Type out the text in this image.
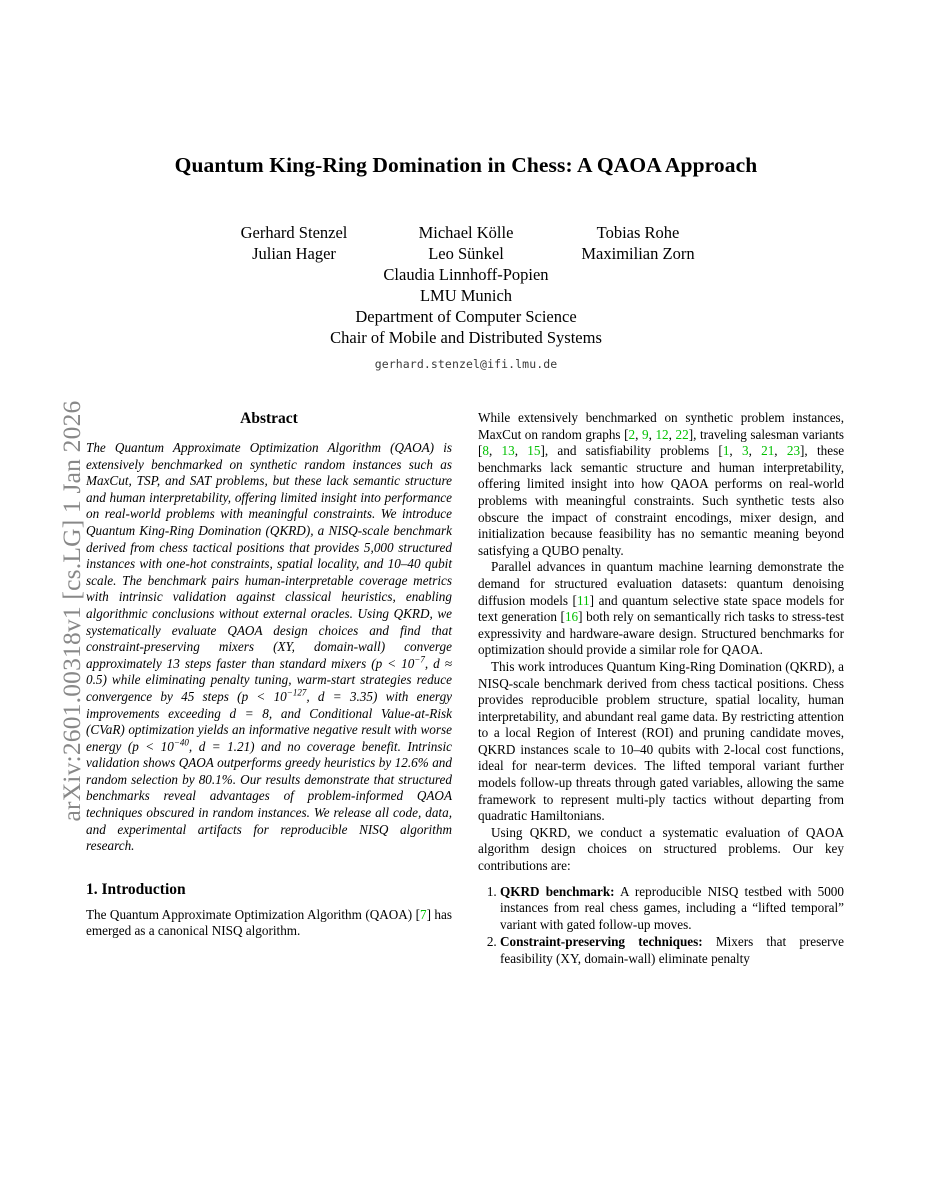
arXiv:2601.00318v1 [cs.LG] 1 Jan 2026
Quantum King-Ring Domination in Chess: A QAOA Approach
Gerhard Stenzel	Michael Kölle	Tobias Rohe
Julian Hager	Leo Sünkel	Maximilian Zorn
Claudia Linnhoff-Popien
LMU Munich
Department of Computer Science
Chair of Mobile and Distributed Systems
gerhard.stenzel@ifi.lmu.de
Abstract

The Quantum Approximate Optimization Algorithm (QAOA) is extensively benchmarked on synthetic random instances such as MaxCut, TSP, and SAT problems, but these lack semantic structure and human interpretability, offering limited insight into performance on real-world problems with meaningful constraints. We introduce Quantum King-Ring Domination (QKRD), a NISQ-scale benchmark derived from chess tactical positions that provides 5,000 structured instances with one-hot constraints, spatial locality, and 10–40 qubit scale. The benchmark pairs human-interpretable coverage metrics with intrinsic validation against classical heuristics, enabling algorithmic conclusions without external oracles. Using QKRD, we systematically evaluate QAOA design choices and find that constraint-preserving mixers (XY, domain-wall) converge approximately 13 steps faster than standard mixers ($p < 10^{-7}$, d ≈ 0.5) while eliminating penalty tuning, warm-start strategies reduce convergence by 45 steps ($p < 10^{-127}$, d = 3.35) with energy improvements exceeding d = 8, and Conditional Value-at-Risk (CVaR) optimization yields an informative negative result with worse energy ($p < 10^{-40}$, d = 1.21) and no coverage benefit. Intrinsic validation shows QAOA outperforms greedy heuristics by 12.6% and random selection by 80.1%. Our results demonstrate that structured benchmarks reveal advantages of problem-informed QAOA techniques obscured in random instances. We release all code, data, and experimental artifacts for reproducible NISQ algorithm research.

1. Introduction

The Quantum Approximate Optimization Algorithm (QAOA) [7] has emerged as a canonical NISQ algorithm.

While extensively benchmarked on synthetic problem instances, MaxCut on random graphs [2, 9, 12, 22], traveling salesman variants [8, 13, 15], and satisfiability problems [1, 3, 21, 23], these benchmarks lack semantic structure and human interpretability, offering limited insight into how QAOA performs on real-world problems with meaningful constraints. Such synthetic tests also obscure the impact of constraint encodings, mixer design, and initialization because feasibility has no semantic meaning beyond satisfying a QUBO penalty.

Parallel advances in quantum machine learning demonstrate the demand for structured evaluation datasets: quantum denoising diffusion models [11] and quantum selective state space models for text generation [16] both rely on semantically rich tasks to stress-test expressivity and hardware-aware design. Structured benchmarks for optimization should provide a similar role for QAOA.

This work introduces Quantum King-Ring Domination (QKRD), a NISQ-scale benchmark derived from chess tactical positions. Chess provides reproducible problem structure, spatial locality, human interpretability, and abundant real game data. By restricting attention to a local Region of Interest (ROI) and pruning candidate moves, QKRD instances scale to 10–40 qubits with 2-local cost functions, ideal for near-term devices. The lifted temporal variant further models follow-up threats through gated variables, allowing the same framework to represent multi-ply tactics without departing from quadratic Hamiltonians.

Using QKRD, we conduct a systematic evaluation of QAOA algorithm design choices on structured problems. Our key contributions are:

1. QKRD benchmark: A reproducible NISQ testbed with 5000 instances from real chess games, including a “lifted temporal” variant with gated follow-up moves.
2. Constraint-preserving techniques: Mixers that preserve feasibility (XY, domain-wall) eliminate penalty
